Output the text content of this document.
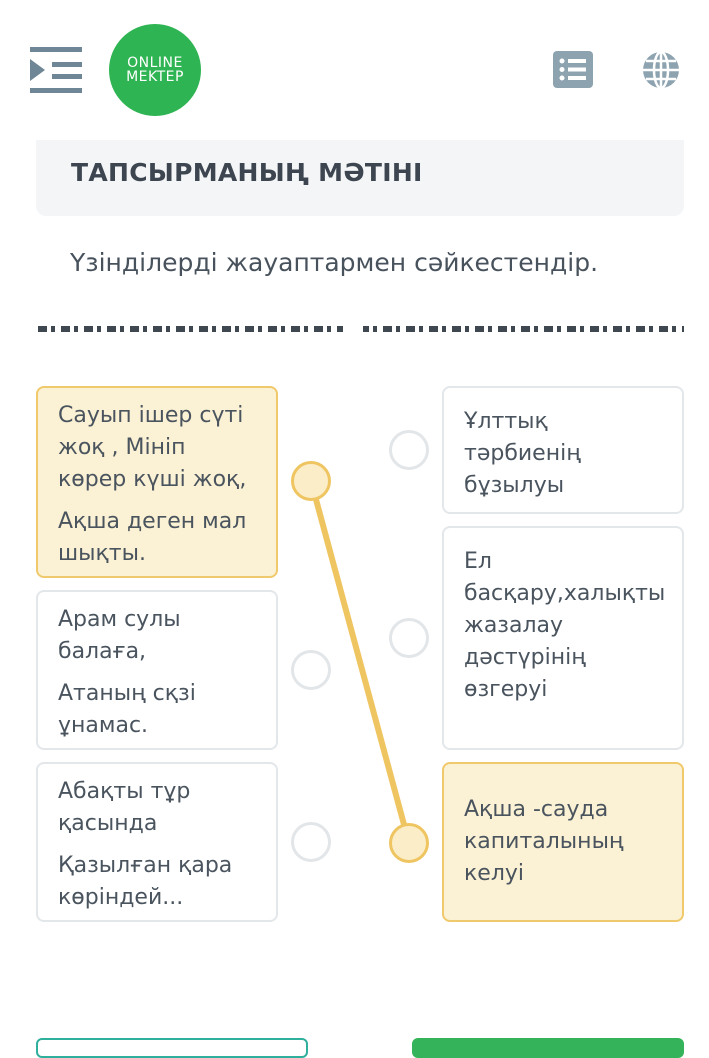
ONLINE
MEKTEP
ТАПСЫРМАНЫҢ МӘТІНІ
Үзінділерді жауаптармен сәйкестендір.

Сауып ішер сүті жоқ , Мініп көрер күші жоқ,

Ақша деген мал шықты.

Арам сулы балаға,

Атаның сқзі ұнамас.

Абақты тұр қасында

Қазылған қара көріндей...

Ұлттық тәрбиенің бұзылуы

Ел басқару,халықты жазалау дәстүрінің өзгеруі

Ақша -сауда капиталының келуі
